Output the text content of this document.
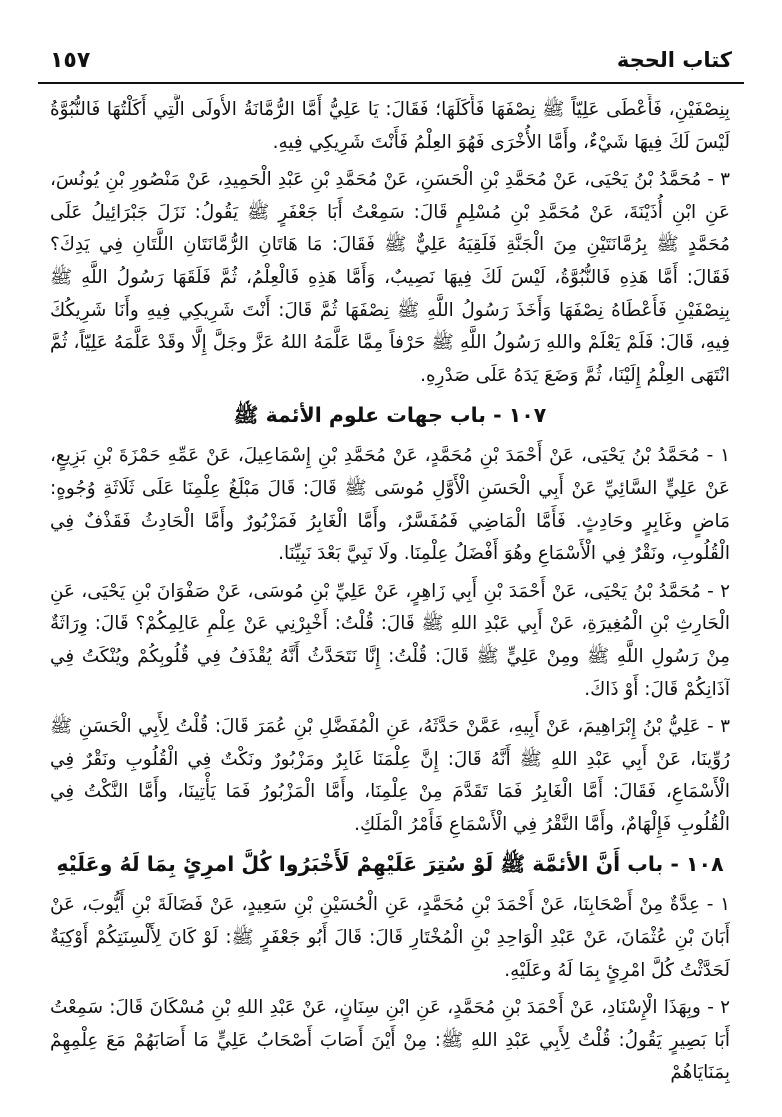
كتاب الحجة
١٥٧

بِنِصْفَيْنِ، فَأَعْطَى عَلِيّاً ﷺ نِصْفَهَا فَأَكَلَهَا؛ فَقَالَ: يَا عَلِيُّ أَمَّا الرُّمَّانَةُ الأُولَى الَّتِي أَكَلْتُهَا فَالنُّبُوَّةُ لَيْسَ لَكَ فِيهَا شَيْءٌ، وأَمَّا الأُخْرَى فَهُوَ العِلْمُ فَأَنْتَ شَرِيكِي فِيهِ.

٣ - مُحَمَّدُ بْنُ يَحْيَى، عَنْ مُحَمَّدِ بْنِ الْحَسَنِ، عَنْ مُحَمَّدِ بْنِ عَبْدِ الْحَمِيدِ، عَنْ مَنْصُورِ بْنِ يُونُسَ، عَنِ ابْنِ أُذَيْنَةَ، عَنْ مُحَمَّدِ بْنِ مُسْلِمٍ قَالَ: سَمِعْتُ أَبَا جَعْفَرٍ ﷺ يَقُولُ: نَزَلَ جَبْرَائِيلُ عَلَى مُحَمَّدٍ ﷺ بِرُمَّانَتَيْنِ مِنَ الْجَنَّةِ فَلَقِيَهُ عَلِيٌّ ﷺ فَقَالَ: مَا هَاتَانِ الرُّمَّانَتَانِ اللَّتَانِ فِي يَدِكَ؟ فَقَالَ: أَمَّا هَذِهِ فَالنُّبُوَّةُ، لَيْسَ لَكَ فِيهَا نَصِيبٌ، وَأَمَّا هَذِهِ فَالْعِلْمُ، ثُمَّ فَلَقَهَا رَسُولُ اللَّهِ ﷺ بِنِصْفَيْنِ فَأَعْطَاهُ نِصْفَهَا وَأَخَذَ رَسُولُ اللَّهِ ﷺ نِصْفَهَا ثُمَّ قَالَ: أَنْتَ شَرِيكِي فِيهِ وأَنَا شَرِيكُكَ فِيهِ، قَالَ: فَلَمْ يَعْلَمْ واللهِ رَسُولُ اللَّهِ ﷺ حَرْفاً مِمَّا عَلَّمَهُ اللهُ عَزَّ وجَلَّ إِلَّا وقَدْ عَلَّمَهُ عَلِيّاً، ثُمَّ انْتَهَى العِلْمُ إِلَيْنَا، ثُمَّ وَضَعَ يَدَهُ عَلَى صَدْرِهِ.

١٠٧ - باب جهات علوم الأئمة ﷺ

١ - مُحَمَّدُ بْنُ يَحْيَى، عَنْ أَحْمَدَ بْنِ مُحَمَّدٍ، عَنْ مُحَمَّدِ بْنِ إِسْمَاعِيلَ، عَنْ عَمِّهِ حَمْزَةَ بْنِ بَزِيعٍ، عَنْ عَلِيٍّ السَّائِيِّ عَنْ أَبِي الْحَسَنِ الْأَوَّلِ مُوسَى ﷺ قَالَ: قَالَ مَبْلَغُ عِلْمِنَا عَلَى ثَلَاثَةِ وُجُوهٍ: مَاضٍ وغَابِرٍ وحَادِثٍ. فَأَمَّا الْمَاضِي فَمُفَسَّرٌ، وأَمَّا الْغَابِرُ فَمَزْبُورٌ وأَمَّا الْحَادِثُ فَقَذْفٌ فِي الْقُلُوبِ، ونَقْرٌ فِي الْأَسْمَاعِ وهُوَ أَفْضَلُ عِلْمِنَا. ولَا نَبِيَّ بَعْدَ نَبِيِّنَا.

٢ - مُحَمَّدُ بْنُ يَحْيَى، عَنْ أَحْمَدَ بْنِ أَبِي زَاهِرٍ، عَنْ عَلِيِّ بْنِ مُوسَى، عَنْ صَفْوَانَ بْنِ يَحْيَى، عَنِ الْحَارِثِ بْنِ الْمُغِيرَةِ، عَنْ أَبِي عَبْدِ اللهِ ﷺ قَالَ: قُلْتُ: أَخْبِرْنِي عَنْ عِلْمِ عَالِمِكُمْ؟ قَالَ: وِرَاثَةٌ مِنْ رَسُولِ اللَّهِ ﷺ ومِنْ عَلِيٍّ ﷺ قَالَ: قُلْتُ: إِنَّا نَتَحَدَّثُ أَنَّهُ يُقْذَفُ فِي قُلُوبِكُمْ ويُنْكَتُ فِي آذَانِكُمْ قَالَ: أَوْ ذَاكَ.

٣ - عَلِيُّ بْنُ إِبْرَاهِيمَ، عَنْ أَبِيهِ، عَمَّنْ حَدَّثَهُ، عَنِ الْمُفَضَّلِ بْنِ عُمَرَ قَالَ: قُلْتُ لِأَبِي الْحَسَنِ ﷺ رُوِّينَا، عَنْ أَبِي عَبْدِ اللهِ ﷺ أَنَّهُ قَالَ: إِنَّ عِلْمَنَا غَابِرٌ ومَزْبُورٌ ونَكْتٌ فِي الْقُلُوبِ ونَقْرٌ فِي الْأَسْمَاعِ، فَقَالَ: أَمَّا الْغَابِرُ فَمَا تَقَدَّمَ مِنْ عِلْمِنَا، وأَمَّا الْمَزْبُورُ فَمَا يَأْتِينَا، وأَمَّا النَّكْتُ فِي الْقُلُوبِ فَإِلْهَامٌ، وأَمَّا النَّقْرُ فِي الْأَسْمَاعِ فَأَمْرُ الْمَلَكِ.

١٠٨ - باب أَنَّ الأئمَّة ﷺ لَوْ سُتِرَ عَلَيْهِمْ لَأَخْبَرُوا كُلَّ امرِئٍ بِمَا لَهُ وعَلَيْهِ

١ - عِدَّةٌ مِنْ أَصْحَابِنَا، عَنْ أَحْمَدَ بْنِ مُحَمَّدٍ، عَنِ الْحُسَيْنِ بْنِ سَعِيدٍ، عَنْ فَضَالَةَ بْنِ أَيُّوبَ، عَنْ أَبَانَ بْنِ عُثْمَانَ، عَنْ عَبْدِ الْوَاحِدِ بْنِ الْمُخْتَارِ قَالَ: قَالَ أَبُو جَعْفَرٍ ﷺ: لَوْ كَانَ لِأَلْسِنَتِكُمْ أَوْكِيَةٌ لَحَدَّثْتُ كُلَّ امْرِئٍ بِمَا لَهُ وعَلَيْهِ.

٢ - وبِهَذَا الْإِسْنَادِ، عَنْ أَحْمَدَ بْنِ مُحَمَّدٍ، عَنِ ابْنِ سِنَانٍ، عَنْ عَبْدِ اللهِ بْنِ مُسْكَانَ قَالَ: سَمِعْتُ أَبَا بَصِيرٍ يَقُولُ: قُلْتُ لِأَبِي عَبْدِ اللهِ ﷺ: مِنْ أَيْنَ أَصَابَ أَصْحَابُ عَلِيٍّ مَا أَصَابَهُمْ مَعَ عِلْمِهِمْ بِمَنَايَاهُمْ
